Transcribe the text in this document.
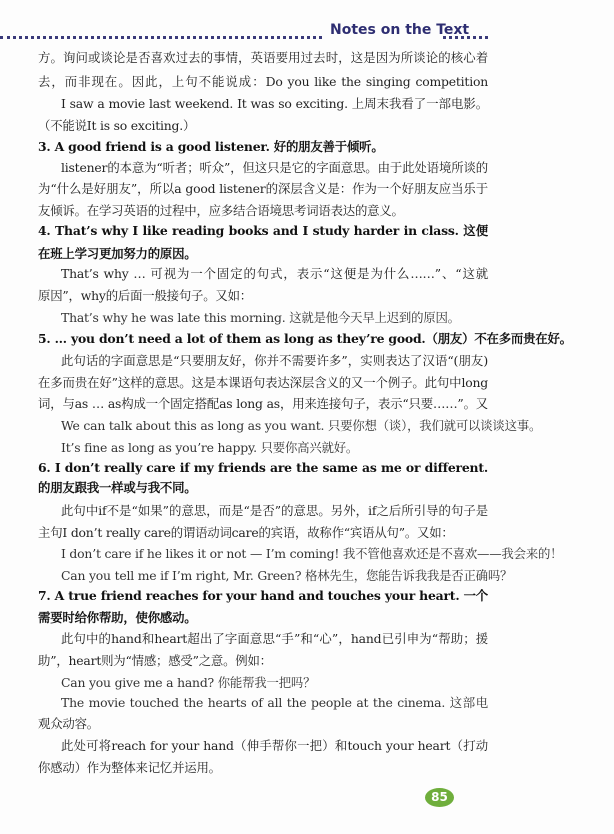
Notes on the Text
方。询问或谈论是否喜欢过去的事情，英语要用过去时，这是因为所谈论的核心着
去，而非现在。因此，上句不能说成：Do you like the singing competition
I saw a movie last weekend. It was so exciting. 上周末我看了一部电影。
（不能说It is so exciting.）
3. A good friend is a good listener. 好的朋友善于倾听。
listener的本意为“听者；听众”，但这只是它的字面意思。由于此处语境所谈的
为“什么是好朋友”，所以a good listener的深层含义是：作为一个好朋友应当乐于
友倾诉。在学习英语的过程中，应多结合语境思考词语表达的意义。
4. That’s why I like reading books and I study harder in class. 这便
在班上学习更加努力的原因。
That’s why … 可视为一个固定的句式，表示“这便是为什么……”、“这就
原因”，why的后面一般接句子。又如：
That’s why he was late this morning. 这就是他今天早上迟到的原因。
5. … you don’t need a lot of them as long as they’re good.（朋友）不在多而贵在好。
此句话的字面意思是“只要朋友好，你并不需要许多”，实则表达了汉语“(朋友)
在多而贵在好”这样的意思。这是本课语句表达深层含义的又一个例子。此句中long
词，与as … as构成一个固定搭配as long as，用来连接句子，表示“只要……”。又
We can talk about this as long as you want. 只要你想（谈），我们就可以谈谈这事。
It’s fine as long as you’re happy. 只要你高兴就好。
6. I don’t really care if my friends are the same as me or different.
的朋友跟我一样或与我不同。
此句中if不是“如果”的意思，而是“是否”的意思。另外，if之后所引导的句子是
主句I don’t really care的谓语动词care的宾语，故称作“宾语从句”。又如：
I don’t care if he likes it or not — I’m coming! 我不管他喜欢还是不喜欢——我会来的！
Can you tell me if I’m right, Mr. Green? 格林先生，您能告诉我我是否正确吗？
7. A true friend reaches for your hand and touches your heart. 一个
需要时给你帮助，使你感动。
此句中的hand和heart超出了字面意思“手”和“心”，hand已引申为“帮助；援
助”，heart则为“情感；感受”之意。例如：
Can you give me a hand? 你能帮我一把吗？
The movie touched the hearts of all the people at the cinema. 这部电
观众动容。
此处可将reach for your hand（伸手帮你一把）和touch your heart（打动
你感动）作为整体来记忆并运用。
85
